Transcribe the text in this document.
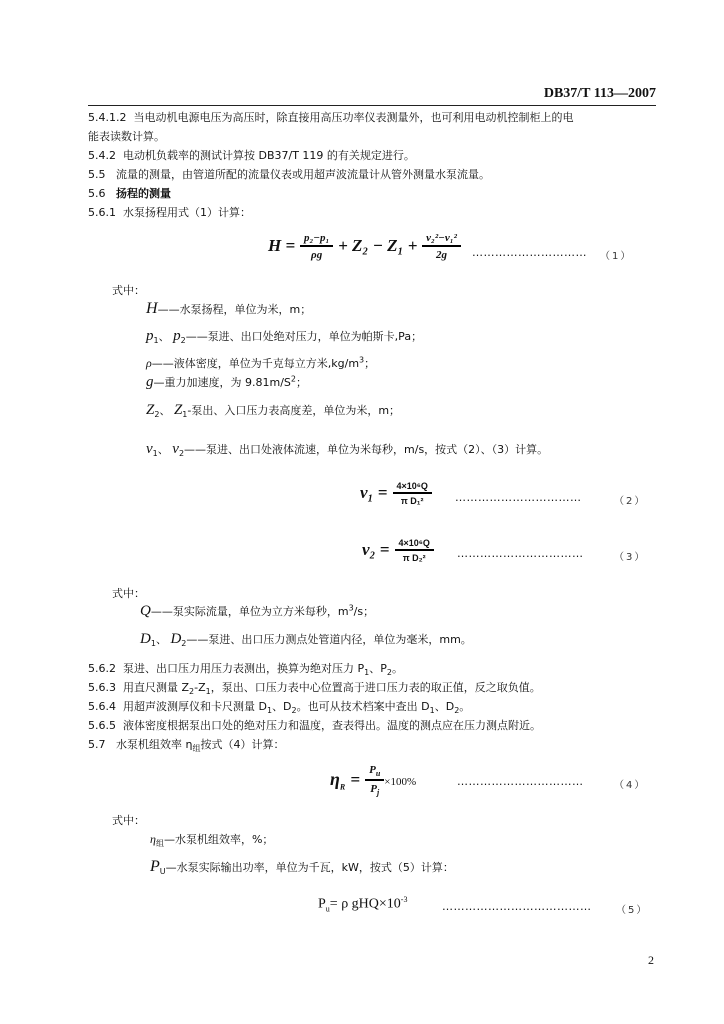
DB37/T 113—2007
5.4.1.2 当电动机电源电压为高压时，除直接用高压功率仪表测量外，也可利用电动机控制柜上的电
能表读数计算。
5.4.2 电动机负载率的测试计算按 DB37/T 119 的有关规定进行。
5.5 流量的测量，由管道所配的流量仪表或用超声波流量计从管外测量水泵流量。
5.6 扬程的测量
5.6.1 水泵扬程用式（1）计算：
$H = \frac{\text{p₂−p₁}}{\rho g} + Z_2 - Z_1 + \frac{\text{v₂²−v₁²}}{2g}$ ………………………… （1）
式中：
H——水泵扬程，单位为米，m；
$p_1$、 $p_2——$泵进、出口处绝对压力，单位为帕斯卡,Pa；
ρ——液体密度，单位为千克每立方米$,kg/m^3$；
g—重力加速度，为 $9.81m/S^2$；
$Z_2$、 $Z_1-$泵出、入口压力表高度差，单位为米，m；
$v_1$、 $v_2——$泵进、出口处液体流速，单位为米每秒，m/s，按式（2）、（3）计算。
$v_1 = \frac{\text{4×10⁶Q}}{\text{π D₁²}}$ ……………………………	（2）
$v_2 = \frac{\text{4×10⁶Q}}{\text{π D₂²}}$ ……………………………	（3）
式中：
Q——泵实际流量，单位为立方米每秒，$m^3/s$；
$D_1$、 $D_2——$泵进、出口压力测点处管道内径，单位为毫米，mm。
5.6.2 泵进、出口压力用压力表测出，换算为绝对压力 $P_1$、$P_2$。
5.6.3 用直尺测量 $Z_2-Z_1$，泵出、口压力表中心位置高于进口压力表的取正值，反之取负值。
5.6.4 用超声波测厚仪和卡尺测量 $D_1$、$D_2$。也可从技术档案中查出 $D_1$、$D_2$。
5.6.5 液体密度根据泵出口处的绝对压力和温度，查表得出。温度的测点应在压力测点附近。
5.7 水泵机组效率 $\eta_组$按式（4）计算：
$\eta_R = \frac{P_u}{P_j} \times 100\%$	……………………………	（4）
式中：
$\eta_组—$水泵机组效率，%；
$P_U—$水泵实际输出功率，单位为千瓦，kW，按式（5）计算：
$P_u= \rho$ $gHQ\times 10^{-3}$
………………………………… （5）
2
